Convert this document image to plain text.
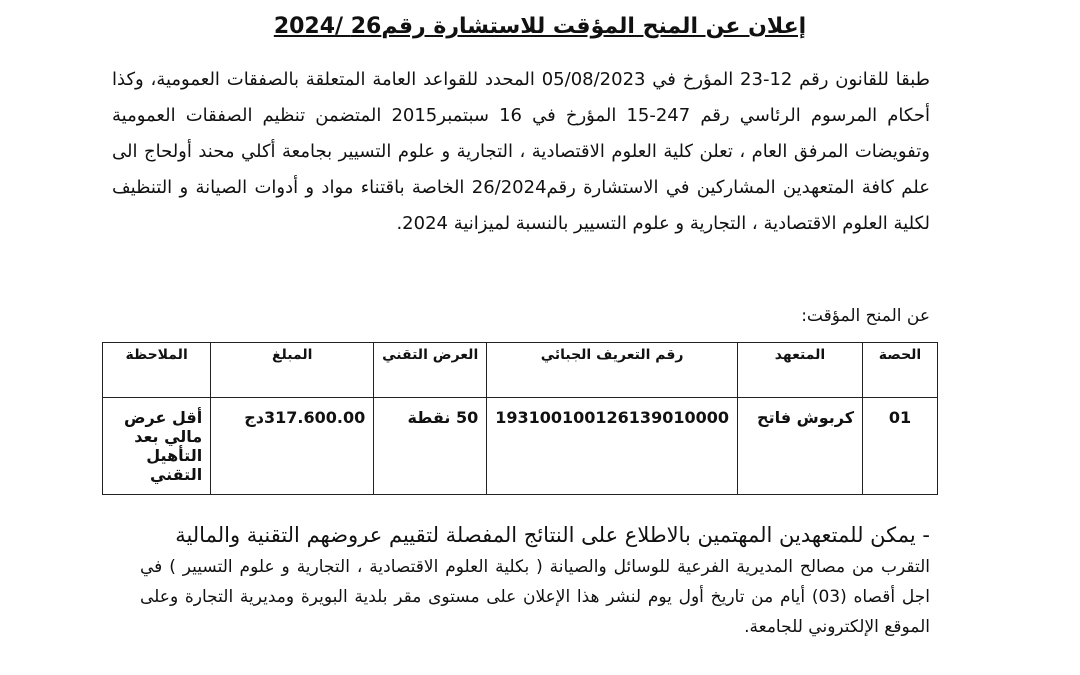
إعلان عن المنح المؤقت للاستشارة رقم26 /2024

طبقا للقانون رقم 12-23 المؤرخ في 05/08/2023 المحدد للقواعد العامة المتعلقة بالصفقات العمومية، وكذا أحكام المرسوم الرئاسي رقم 247-15 المؤرخ في 16 سبتمبر2015 المتضمن تنظيم الصفقات العمومية وتفويضات المرفق العام ، تعلن كلية العلوم الاقتصادية ، التجارية و علوم التسيير بجامعة أكلي محند أولحاج الى علم كافة المتعهدين المشاركين في الاستشارة رقم26/2024 الخاصة باقتناء مواد و أدوات الصيانة و التنظيف لكلية العلوم الاقتصادية ، التجارية و علوم التسيير بالنسبة لميزانية 2024.

عن المنح المؤقت:
الحصة	المتعهد	رقم التعريف الجبائي	العرض التقني	المبلغ	الملاحظة
01	كربوش فاتح	193100100126139010000	50 نقطة	317.600.00دج	أقل عرض مالي بعد التأهيل التقني
- يمكن للمتعهدين المهتمين بالاطلاع على النتائج المفصلة لتقييم عروضهم التقنية والمالية
التقرب من مصالح المديرية الفرعية للوسائل والصيانة ( بكلية العلوم الاقتصادية ، التجارية و علوم التسيير ) في اجل أقصاه (03) أيام من تاريخ أول يوم لنشر هذا الإعلان على مستوى مقر بلدية البويرة ومديرية التجارة وعلى الموقع الإلكتروني للجامعة.
